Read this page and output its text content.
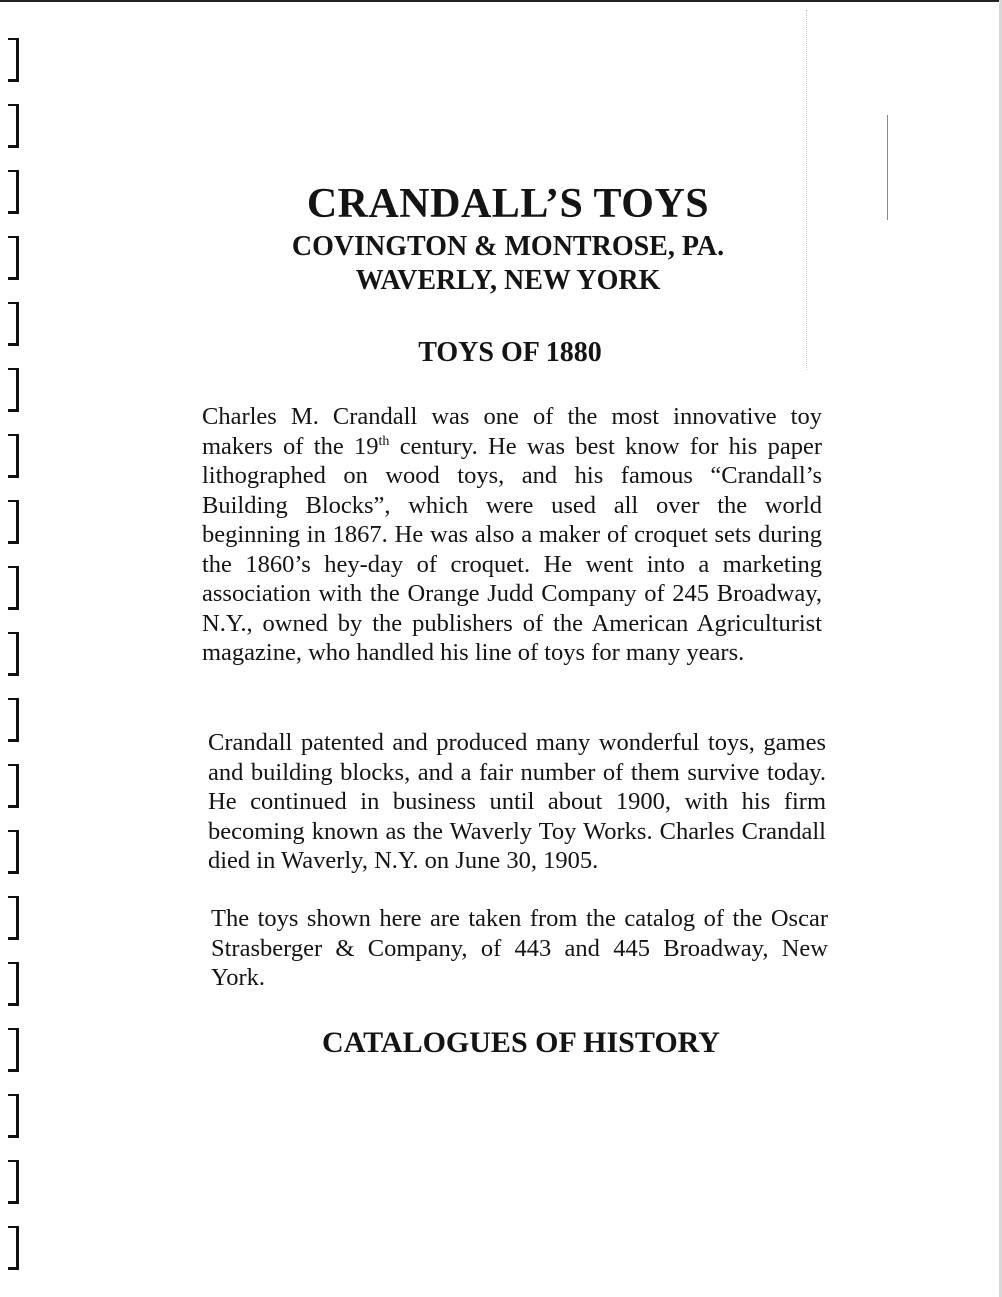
CRANDALL’S TOYS
COVINGTON & MONTROSE, PA.
WAVERLY, NEW YORK
TOYS OF 1880
Charles M. Crandall was one of the most innovative toy makers of the 19th century. He was best know for his paper lithographed on wood toys, and his famous “Crandall’s Building Blocks”, which were used all over the world beginning in 1867. He was also a maker of croquet sets during the 1860’s hey-day of croquet. He went into a marketing association with the Orange Judd Company of 245 Broadway, N.Y., owned by the publishers of the American Agriculturist magazine, who handled his line of toys for many years.
Crandall patented and produced many wonderful toys, games and building blocks, and a fair number of them survive today. He continued in business until about 1900, with his firm becoming known as the Waverly Toy Works. Charles Crandall died in Waverly, N.Y. on June 30, 1905.
The toys shown here are taken from the catalog of the Oscar Strasberger & Company, of 443 and 445 Broadway, New York.
CATALOGUES OF HISTORY
